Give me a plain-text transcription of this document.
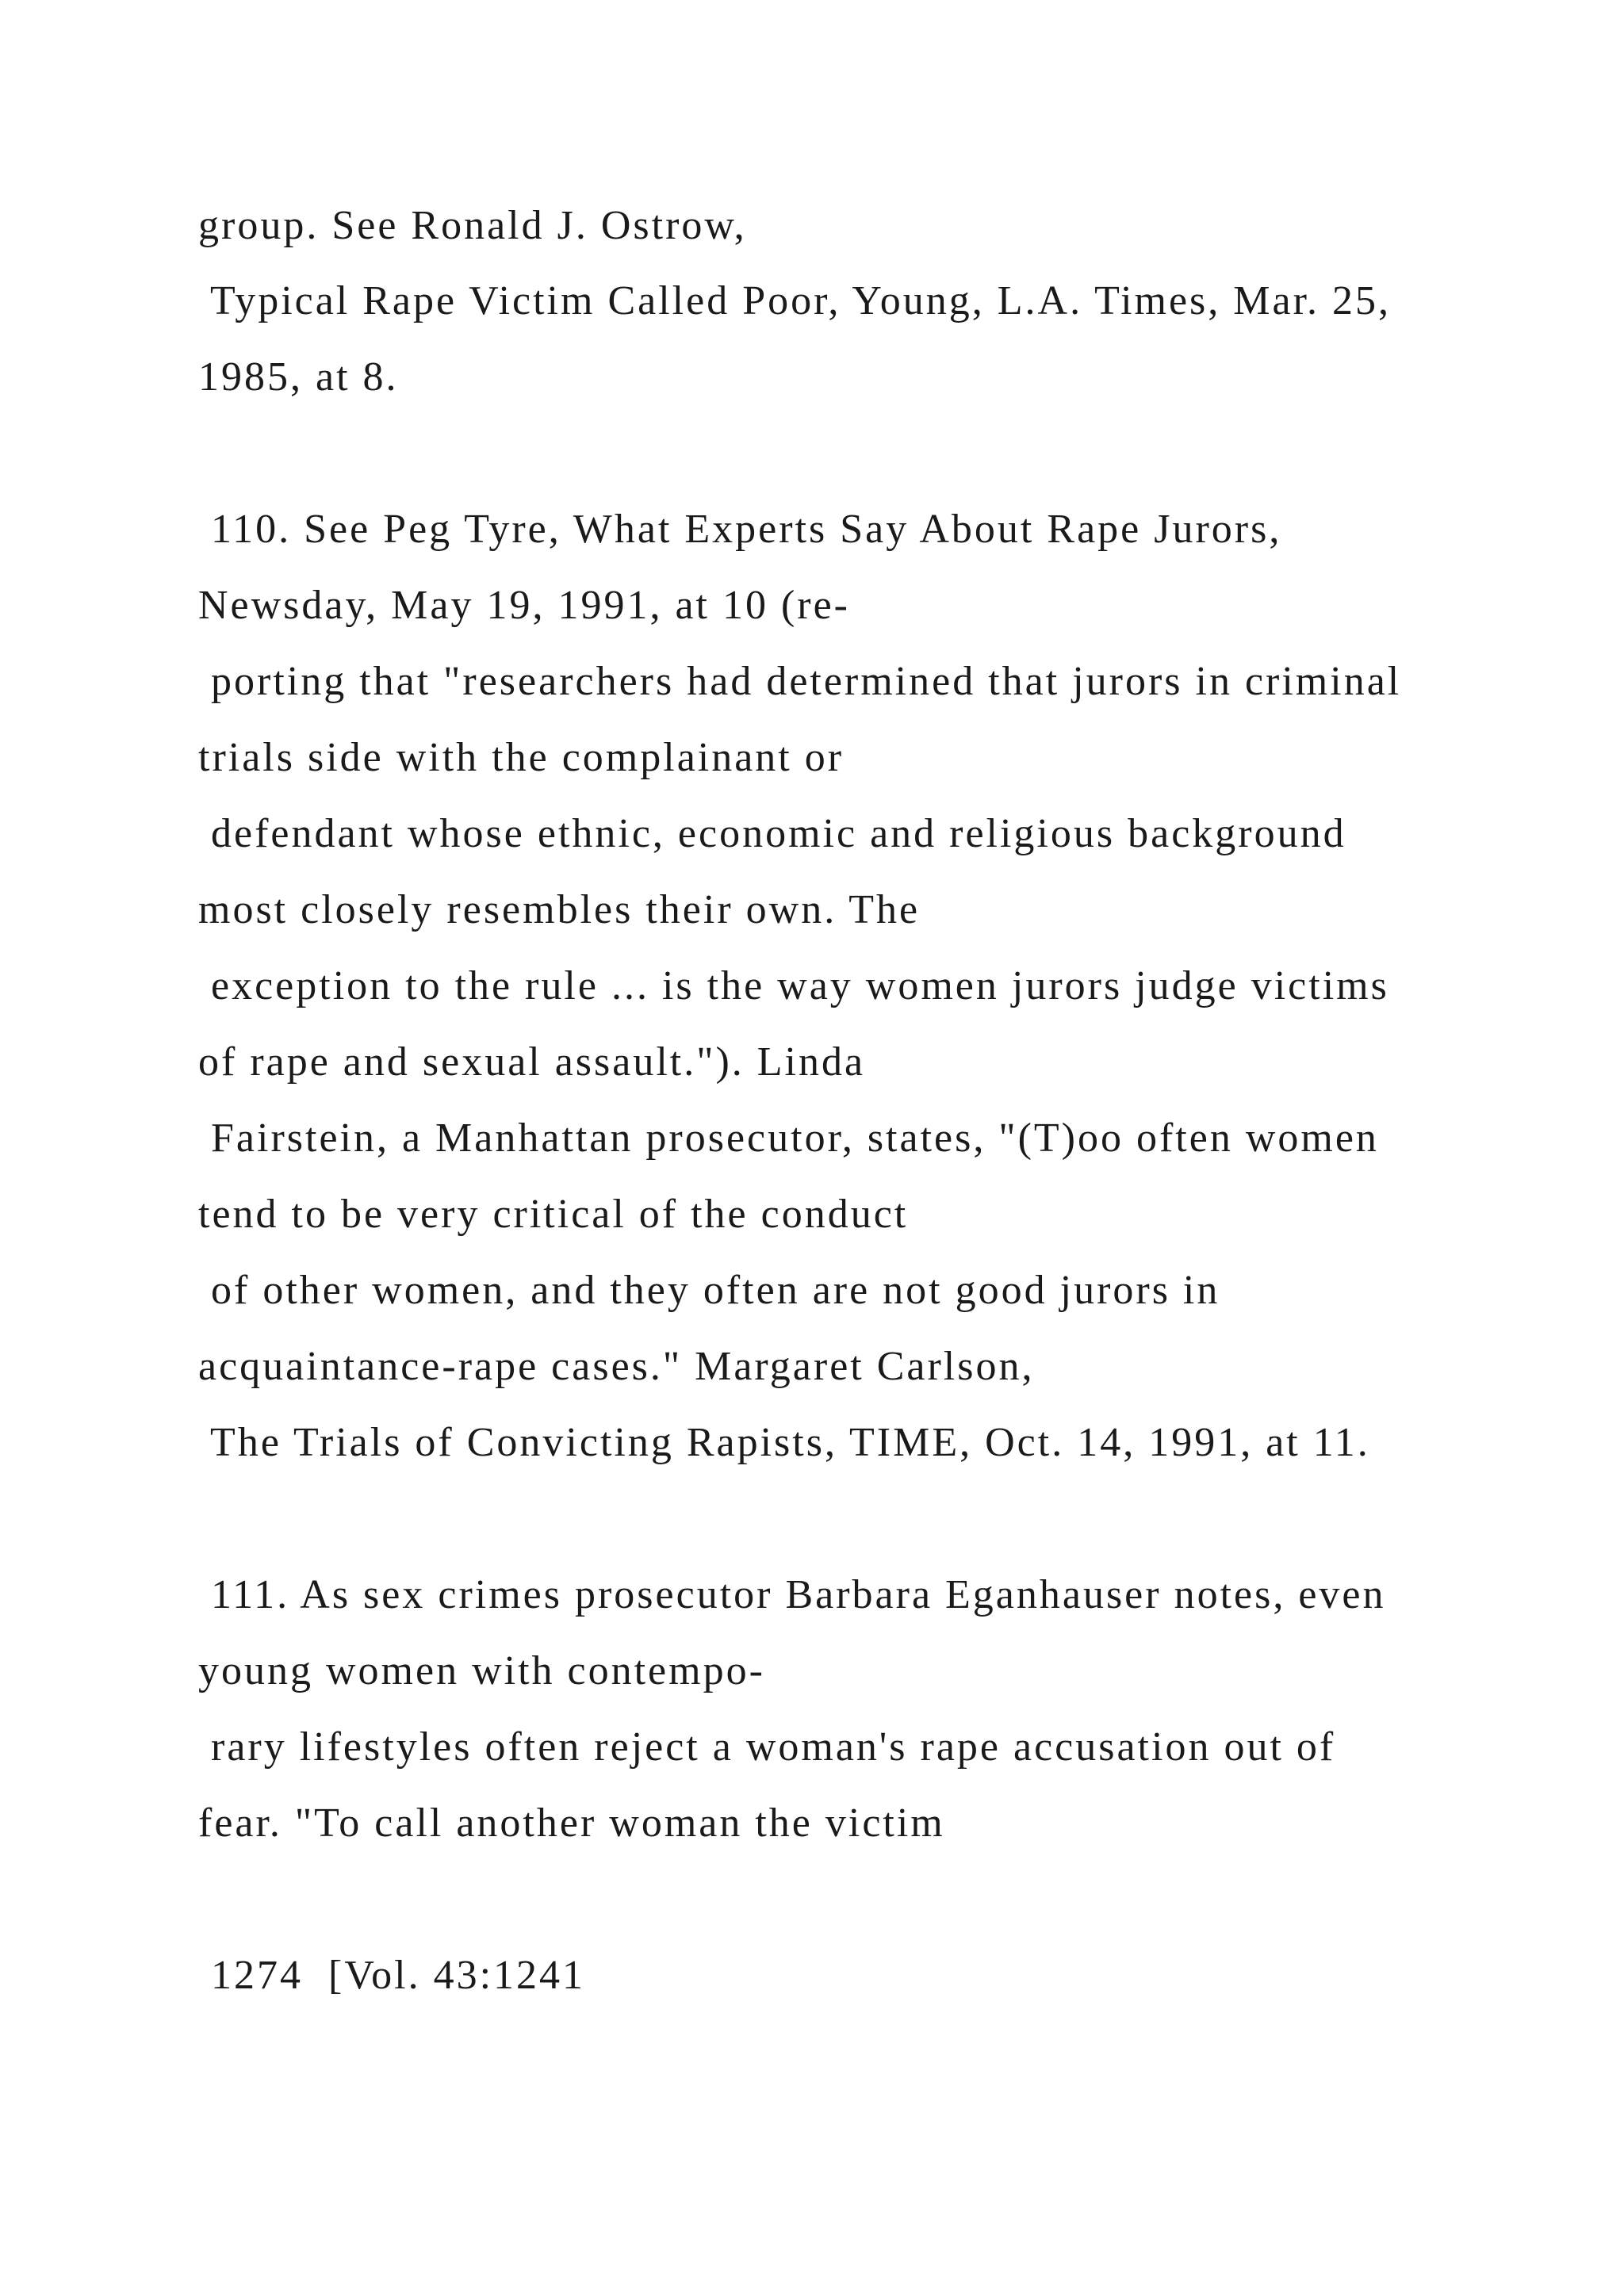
group. See Ronald J. Ostrow,

Typical Rape Victim Called Poor, Young, L.A. Times, Mar. 25,

1985, at 8.

110. See Peg Tyre, What Experts Say About Rape Jurors,

Newsday, May 19, 1991, at 10 (re-

porting that "researchers had determined that jurors in criminal

trials side with the complainant or

defendant whose ethnic, economic and religious background

most closely resembles their own. The

exception to the rule ... is the way women jurors judge victims

of rape and sexual assault."). Linda

Fairstein, a Manhattan prosecutor, states, "(T)oo often women

tend to be very critical of the conduct

of other women, and they often are not good jurors in

acquaintance-rape cases." Margaret Carlson,

The Trials of Convicting Rapists, TIME, Oct. 14, 1991, at 11.

111. As sex crimes prosecutor Barbara Eganhauser notes, even

young women with contempo-

rary lifestyles often reject a woman's rape accusation out of

fear. "To call another woman the victim

1274  [Vol. 43:1241
